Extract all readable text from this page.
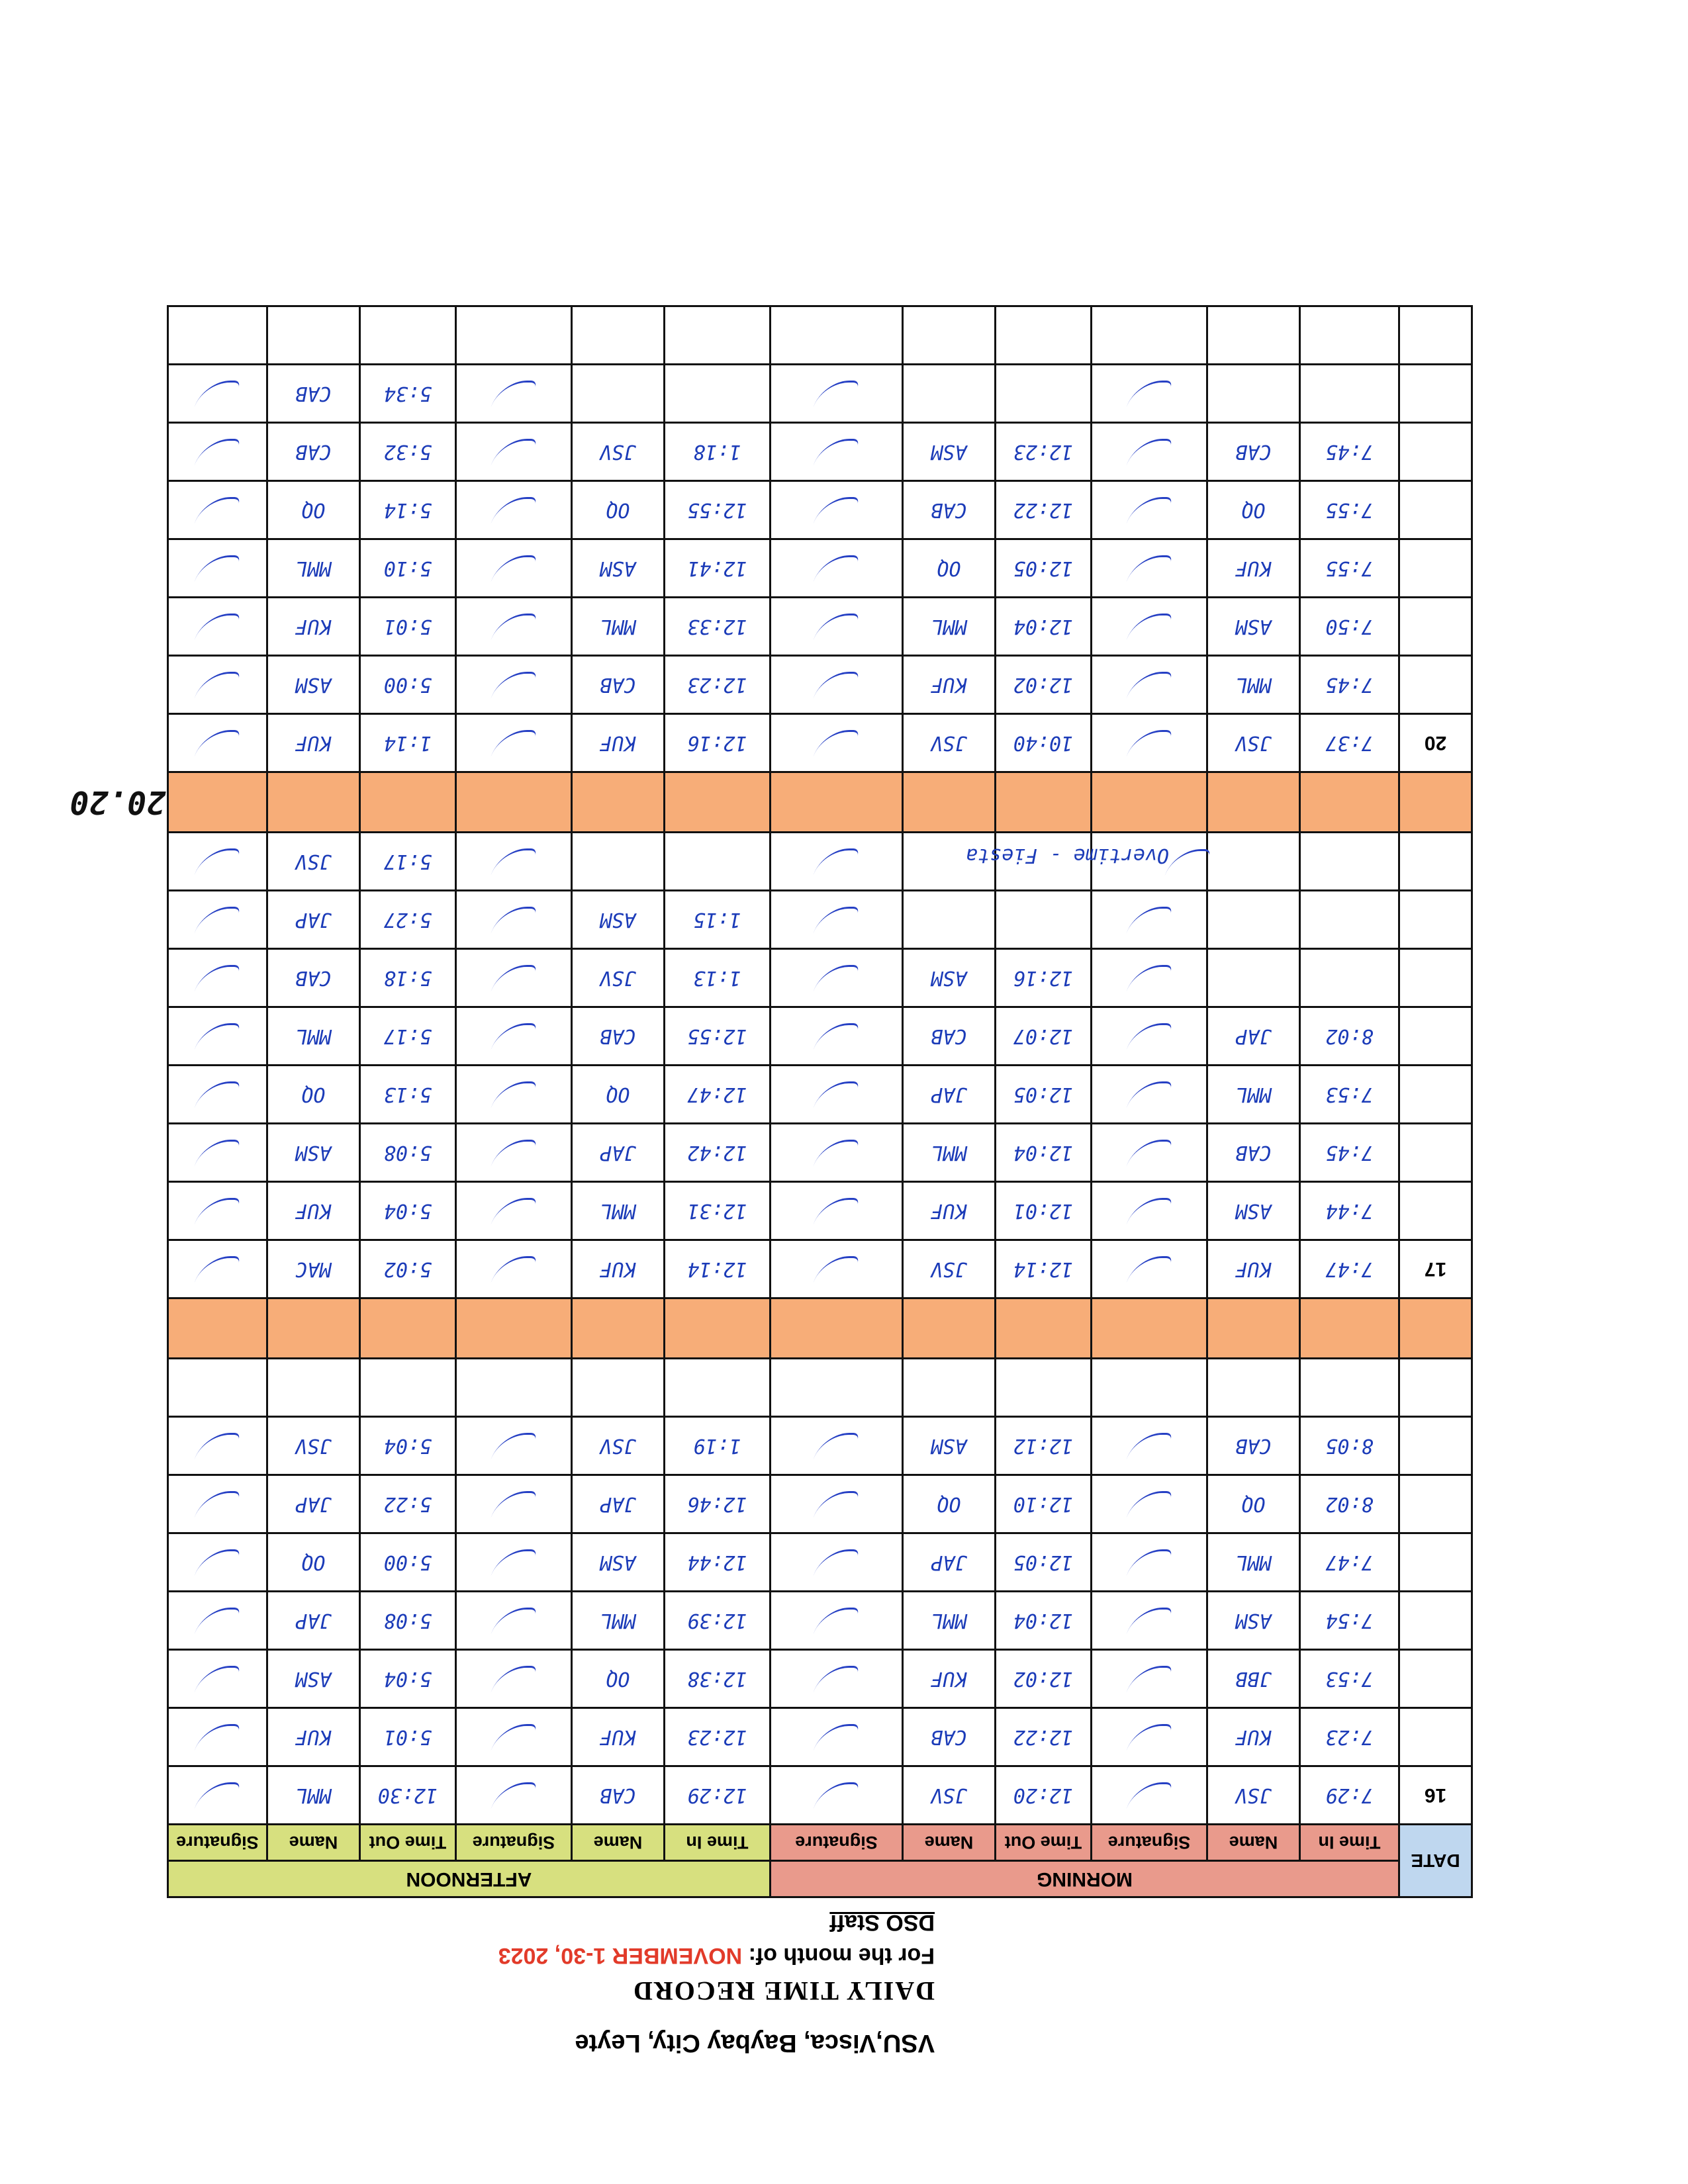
VSU,Visca, Baybay City, Leyte
DAILY TIME RECORD
For the month of: NOVEMBER 1-30, 2023
DSO Staff
DATE	MORNING						AFTERNOON					
	Time In	Name	Signature	Time Out	Name	Signature	Time In	Name	Signature	Time Out	Name	Signature
16	7:29	JSV		12:20	JSV		12:29	CAB		12:30	MML	
	7:23	KUF		12:22	CAB		12:23	KUF		5:01	KUF	
	7:53	JBB		12:02	KUF		12:38	OQ		5:04	ASM	
	7:54	ASM		12:04	MML		12:39	MML		5:08	JAP	
	7:47	MML		12:05	JAP		12:44	ASM		5:00	OQ	
	8:02	OQ		12:10	OQ		12:46	JAP		5:22	JAP	
	8:05	CAB		12:12	ASM		1:19	JSV		5:04	JSV	

17	7:47	KUF		12:14	JSV		12:14	KUF		5:02	MAC	
	7:44	ASM		12:01	KUF		12:31	MML		5:04	KUF	
	7:45	CAB		12:04	MML		12:42	JAP		5:08	ASM	
	7:53	MML		12:05	JAP		12:47	OQ		5:13	OQ	
	8:02	JAP		12:07	CAB		12:55	CAB		5:17	MML	
				12:16	ASM		1:13	JSV		5:18	CAB	
							1:15	ASM		5:27	JAP	
			Overtime - Fiesta							5:17	JSV	

20	7:37	JSV		10:40	JSV		12:16	KUF		1:14	KUF	
	7:45	MML		12:02	KUF		12:23	CAB		5:00	ASM	
	7:50	ASM		12:04	MML		12:33	MML		5:01	KUF	
	7:55	KUF		12:05	OQ		12:41	ASM		5:10	MML	
	7:55	OQ		12:22	CAB		12:55	OQ		5:14	OQ	
	7:45	CAB		12:23	ASM		1:18	JSV		5:32	CAB	
										5:34	CAB	

20.20
